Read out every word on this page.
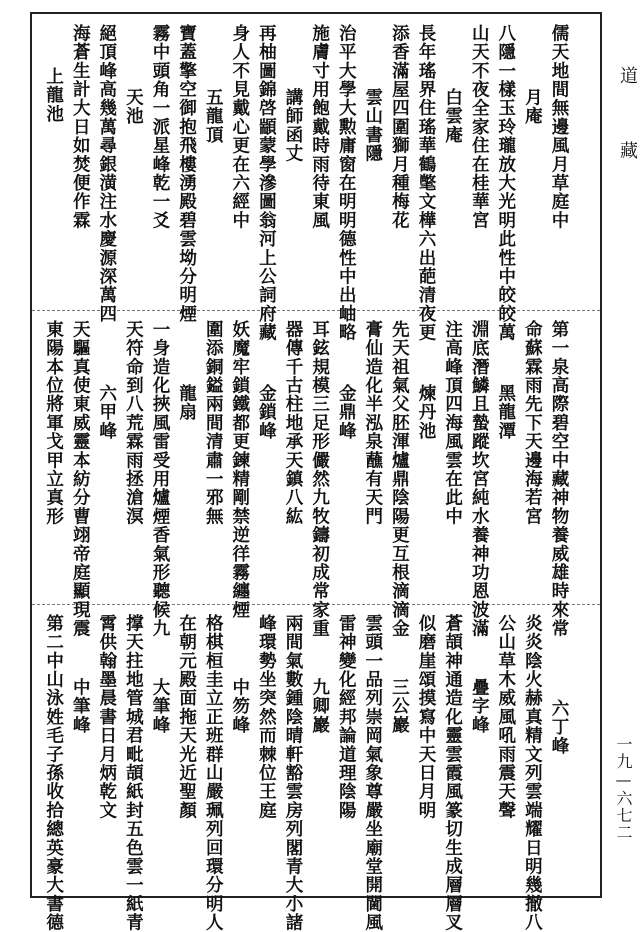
儒天地間無邊風月草庭中
月庵
八隱一樣玉玲瓏放大光明此性中皎皎萬
山天不夜全家住在桂華宮
白雲庵
長年瑤界住瑤華鶴氅文樺六出葩清夜更
添香滿屋四圍獅月種梅花
雲山書隱
治平大學大勲庸窗在明明德性中出岫略
施膚寸用飽戴時雨待東風
講師函丈
再柚圖錦啓顓蒙學滲圖翁河上公詞府藏
身人不見戴心更在六經中
五龍頂
寶蓋擎空御抱飛樓湧殿碧雲坳分明煙
霧中頭角一派星峰乾一爻
天池
絕頂峰高幾萬尋銀潢注水慶源深萬四
海蒼生計大日如焚便作霖
上龍池
第一泉高際碧空中藏神物養威雄時來常
命蘇霖雨先下天邊海若宮
黑龍潭
淵底潛鱗且蟄蹤坎宮純水養神功恩波滿
注高峰頂四海風雲在此中
煉丹池
先天祖氣父胚渾爐鼎陰陽更互根滴滴金
膏仙造化半泓泉蘸有天門
金鼎峰
耳鉉規模三足形儼然九牧鑄初成常家重
器傳千古柱地承天鎮八紘
金鎖峰
妖魔牢鎖鐵都更鍊精剛禁逆徉霧纏煙
圍添銅鎰兩間清肅一邪無
龍扇
一身造化挾風雷受用爐煙香氣形聽候九
天符命到八荒霖雨拯滄溟
六甲峰
天驅真使東威靈本紡分曹翊帝庭顯現震
東陽本位將軍戈甲立真形
六丁峰
炎炎陰火赫真精文列雲端耀日明幾撤八
公山草木威風吼雨震天聲
疊字峰
蒼頡神通造化靈雲霞風篆切生成層層叉
似磨崖頌摸寫中天日月明
三公巖
雲頭一品列崇岡氣象尊嚴坐廟堂開閫風
雷神變化經邦論道理陰陽
九卿巖
兩間氣數鍾陰晴軒豁雲房列閣青大小諸
峰環勢坐突然而棘位王庭
中笏峰
格棋桓圭立正班群山嚴珮列回環分明人
在朝元殿面拖天光近聖顏
大筆峰
撑天拄地管城君毗頡紙封五色雲一紙青
霄供翰墨晨書日月炳乾文
中筆峰
第二中山泳姓毛子孫收拾總英豪大書德
道 藏
一九—六七二
